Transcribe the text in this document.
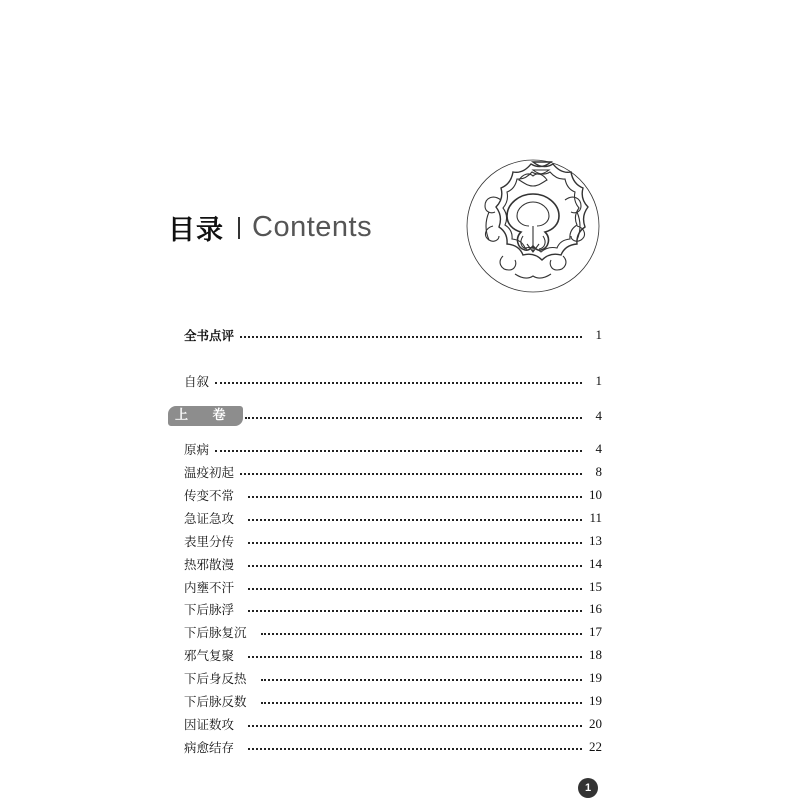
目录 Contents
全书点评	1
自叙	1
上 卷	4
原病	4
温疫初起	8
传变不常	10
急证急攻	11
表里分传	13
热邪散漫	14
内壅不汗	15
下后脉浮	16
下后脉复沉	17
邪气复聚	18
下后身反热	19
下后脉反数	19
因证数攻	20
病愈结存	22
1
